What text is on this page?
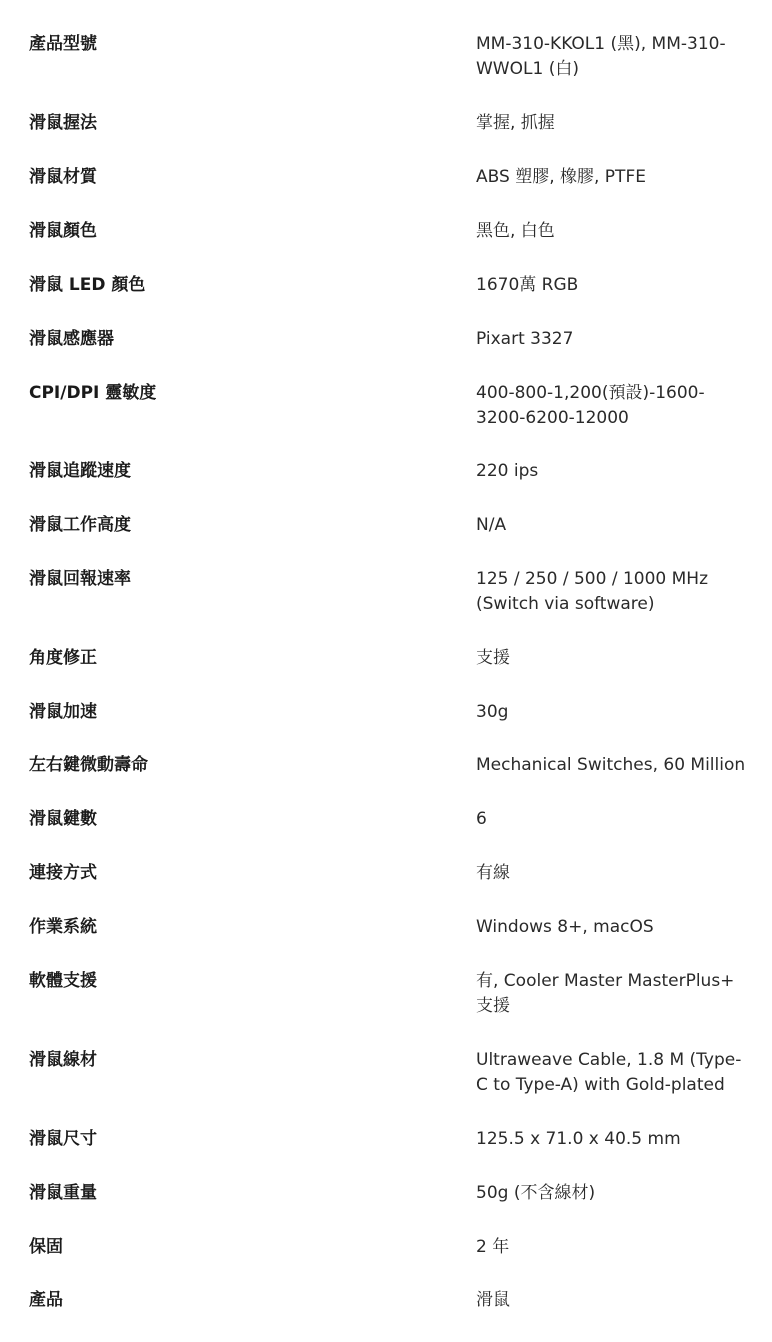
產品型號	MM-310-KKOL1 (黑), MM-310-WWOL1 (白)
滑鼠握法	掌握, 抓握
滑鼠材質	ABS 塑膠, 橡膠, PTFE
滑鼠顏色	黑色, 白色
滑鼠 LED 顏色	1670萬 RGB
滑鼠感應器	Pixart 3327
CPI/DPI 靈敏度	400-800-1,200(預設)-1600-3200-6200-12000
滑鼠追蹤速度	220 ips
滑鼠工作高度	N/A
滑鼠回報速率	125 / 250 / 500 / 1000 MHz (Switch via software)
角度修正	支援
滑鼠加速	30g
左右鍵微動壽命	Mechanical Switches, 60 Million
滑鼠鍵數	6
連接方式	有線
作業系統	Windows 8+, macOS
軟體支援	有, Cooler Master MasterPlus+ 支援
滑鼠線材	Ultraweave Cable, 1.8 M (Type-C to Type-A) with Gold-plated
滑鼠尺寸	125.5 x 71.0 x 40.5 mm
滑鼠重量	50g (不含線材)
保固	2 年
產品	滑鼠
